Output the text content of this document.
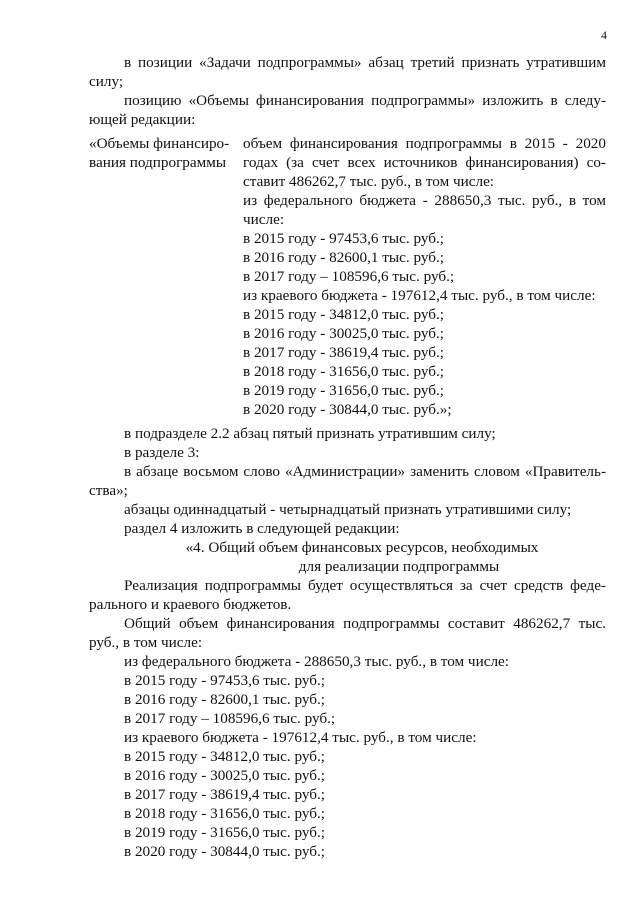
4
в позиции «Задачи подпрограммы» абзац третий признать утратившим
силу;
позицию «Объемы финансирования подпрограммы» изложить в следу-
ющей редакции:
«Объемы финансиро-
вания подпрограммы
объем финансирования подпрограммы в 2015 - 2020
годах (за счет всех источников финансирования) со-
ставит 486262,7 тыс. руб., в том числе:
из федерального бюджета - 288650,3 тыс. руб., в том
числе:
в 2015 году - 97453,6 тыс. руб.;
в 2016 году - 82600,1 тыс. руб.;
в 2017 году – 108596,6 тыс. руб.;
из краевого бюджета - 197612,4 тыс. руб., в том числе:
в 2015 году - 34812,0 тыс. руб.;
в 2016 году - 30025,0 тыс. руб.;
в 2017 году - 38619,4 тыс. руб.;
в 2018 году - 31656,0 тыс. руб.;
в 2019 году - 31656,0 тыс. руб.;
в 2020 году - 30844,0 тыс. руб.»;
в подразделе 2.2 абзац пятый признать утратившим силу;
в разделе 3:
в абзаце восьмом слово «Администрации» заменить словом «Правитель-
ства»;
абзацы одиннадцатый - четырнадцатый признать утратившими силу;
раздел 4 изложить в следующей редакции:
«4. Общий объем финансовых ресурсов, необходимых
для реализации подпрограммы
Реализация подпрограммы будет осуществляться за счет средств феде-
рального и краевого бюджетов.
Общий объем финансирования подпрограммы составит 486262,7 тыс.
руб., в том числе:
из федерального бюджета - 288650,3 тыс. руб., в том числе:
в 2015 году - 97453,6 тыс. руб.;
в 2016 году - 82600,1 тыс. руб.;
в 2017 году – 108596,6 тыс. руб.;
из краевого бюджета - 197612,4 тыс. руб., в том числе:
в 2015 году - 34812,0 тыс. руб.;
в 2016 году - 30025,0 тыс. руб.;
в 2017 году - 38619,4 тыс. руб.;
в 2018 году - 31656,0 тыс. руб.;
в 2019 году - 31656,0 тыс. руб.;
в 2020 году - 30844,0 тыс. руб.;
